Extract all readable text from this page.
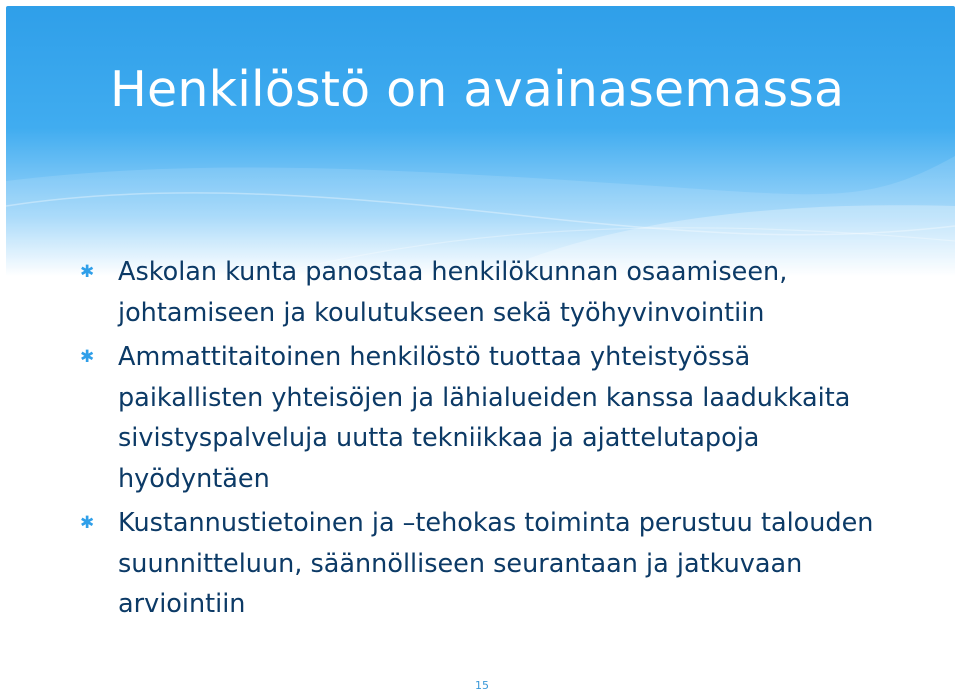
Henkilöstö on avainasemassa
✱ Askolan kunta panostaa henkilökunnan osaamiseen, johtamiseen ja koulutukseen sekä työhyvinvointiin
✱ Ammattitaitoinen henkilöstö tuottaa yhteistyössä paikallisten yhteisöjen ja lähialueiden kanssa laadukkaita sivistyspalveluja uutta tekniikkaa ja ajattelutapoja hyödyntäen
✱ Kustannustietoinen ja –tehokas toiminta perustuu talouden suunnitteluun, säännölliseen seurantaan ja jatkuvaan arviointiin
15
